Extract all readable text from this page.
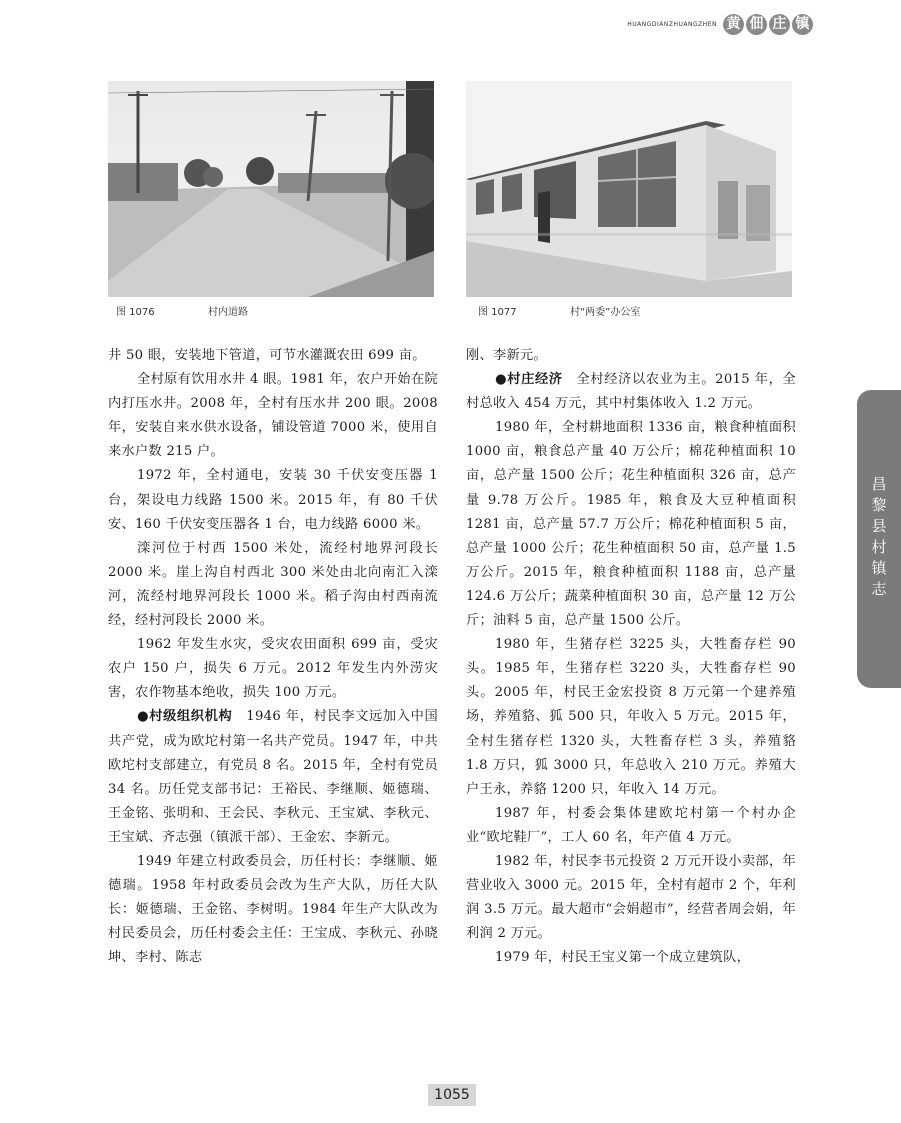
HUANGDIANZHUANGZHEN 黄 佃 庄 镇
图 1076	村内道路	图 1077	村“两委”办公室

井 50 眼，安装地下管道，可节水灌溉农田 699 亩。

全村原有饮用水井 4 眼。1981 年，农户开始在院内打压水井。2008 年，全村有压水井 200 眼。2008 年，安装自来水供水设备，铺设管道 7000 米，使用自来水户数 215 户。

1972 年，全村通电，安装 30 千伏安变压器 1 台，架设电力线路 1500 米。2015 年，有 80 千伏安、160 千伏安变压器各 1 台，电力线路 6000 米。

滦河位于村西 1500 米处，流经村地界河段长 2000 米。崖上沟自村西北 300 米处由北向南汇入滦河，流经村地界河段长 1000 米。稻子沟由村西南流经，经村河段长 2000 米。

1962 年发生水灾，受灾农田面积 699 亩，受灾农户 150 户，损失 6 万元。2012 年发生内外涝灾害，农作物基本绝收，损失 100 万元。

●村级组织机构　1946 年，村民李文远加入中国共产党，成为欧坨村第一名共产党员。1947 年，中共欧坨村支部建立，有党员 8 名。2015 年，全村有党员 34 名。历任党支部书记：王裕民、李继顺、姬德瑞、王金铭、张明和、王会民、李秋元、王宝斌、李秋元、王宝斌、齐志强（镇派干部）、王金宏、李新元。

1949 年建立村政委员会，历任村长：李继顺、姬德瑞。1958 年村政委员会改为生产大队，历任大队长：姬德瑞、王金铭、李树明。1984 年生产大队改为村民委员会，历任村委会主任：王宝成、李秋元、孙晓坤、李村、陈志

刚、李新元。

●村庄经济　全村经济以农业为主。2015 年，全村总收入 454 万元，其中村集体收入 1.2 万元。

1980 年，全村耕地面积 1336 亩，粮食种植面积 1000 亩，粮食总产量 40 万公斤；棉花种植面积 10 亩，总产量 1500 公斤；花生种植面积 326 亩，总产量 9.78 万公斤。1985 年，粮食及大豆种植面积 1281 亩，总产量 57.7 万公斤；棉花种植面积 5 亩，总产量 1000 公斤；花生种植面积 50 亩，总产量 1.5 万公斤。2015 年，粮食种植面积 1188 亩，总产量 124.6 万公斤；蔬菜种植面积 30 亩，总产量 12 万公斤；油料 5 亩，总产量 1500 公斤。

1980 年，生猪存栏 3225 头，大牲畜存栏 90 头。1985 年，生猪存栏 3220 头，大牲畜存栏 90 头。2005 年，村民王金宏投资 8 万元第一个建养殖场，养殖貉、狐 500 只，年收入 5 万元。2015 年，全村生猪存栏 1320 头，大牲畜存栏 3 头，养殖貉 1.8 万只，狐 3000 只，年总收入 210 万元。养殖大户王永，养貉 1200 只，年收入 14 万元。

1987 年，村委会集体建欧坨村第一个村办企业“欧坨鞋厂”，工人 60 名，年产值 4 万元。

1982 年，村民李书元投资 2 万元开设小卖部，年营业收入 3000 元。2015 年，全村有超市 2 个，年利润 3.5 万元。最大超市“会娟超市”，经营者周会娟，年利润 2 万元。

1979 年，村民王宝义第一个成立建筑队，

昌黎县村镇志
1055
